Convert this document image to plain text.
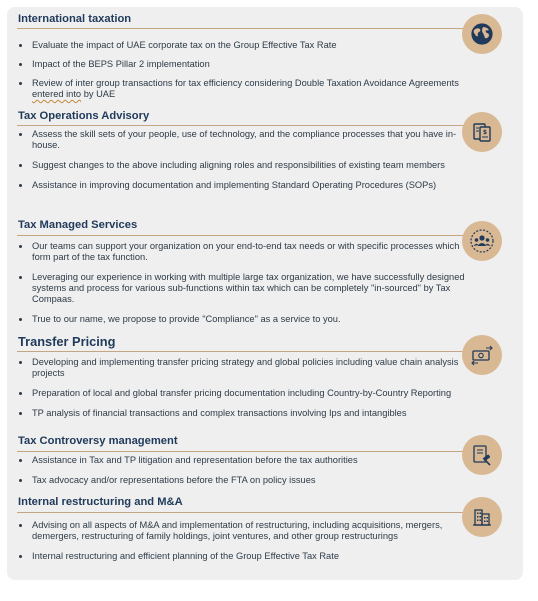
International taxation
Evaluate the impact of UAE corporate tax on the Group Effective Tax Rate
Impact of the BEPS Pillar 2 implementation
Review of inter group transactions for tax efficiency considering Double Taxation Avoidance Agreements entered into by UAE
Tax Operations Advisory
Assess the skill sets of your people, use of technology, and the compliance processes that you have in-house.
Suggest changes to the above including aligning roles and responsibilities of existing team members
Assistance in improving documentation and implementing Standard Operating Procedures (SOPs)
$
Tax Managed Services
Our teams can support your organization on your end-to-end tax needs or with specific processes which form part of the tax function.
Leveraging our experience in working with multiple large tax organization, we have successfully designed systems and process for various sub-functions within tax which can be completely "in-sourced" by Tax Compaas.
True to our name, we propose to provide "Compliance" as a service to you.
Transfer Pricing
Developing and implementing transfer pricing strategy and global policies including value chain analysis projects
Preparation of local and global transfer pricing documentation including Country-by-Country Reporting
TP analysis of financial transactions and complex transactions involving Ips and intangibles
Tax Controversy management
Assistance in Tax and TP litigation and representation before the tax authorities
Tax advocacy and/or representations before the FTA on policy issues
Internal restructuring and M&A
Advising on all aspects of M&A and implementation of restructuring, including acquisitions, mergers, demergers, restructuring of family holdings, joint ventures, and other group restructurings
Internal restructuring and efficient planning of the Group Effective Tax Rate
